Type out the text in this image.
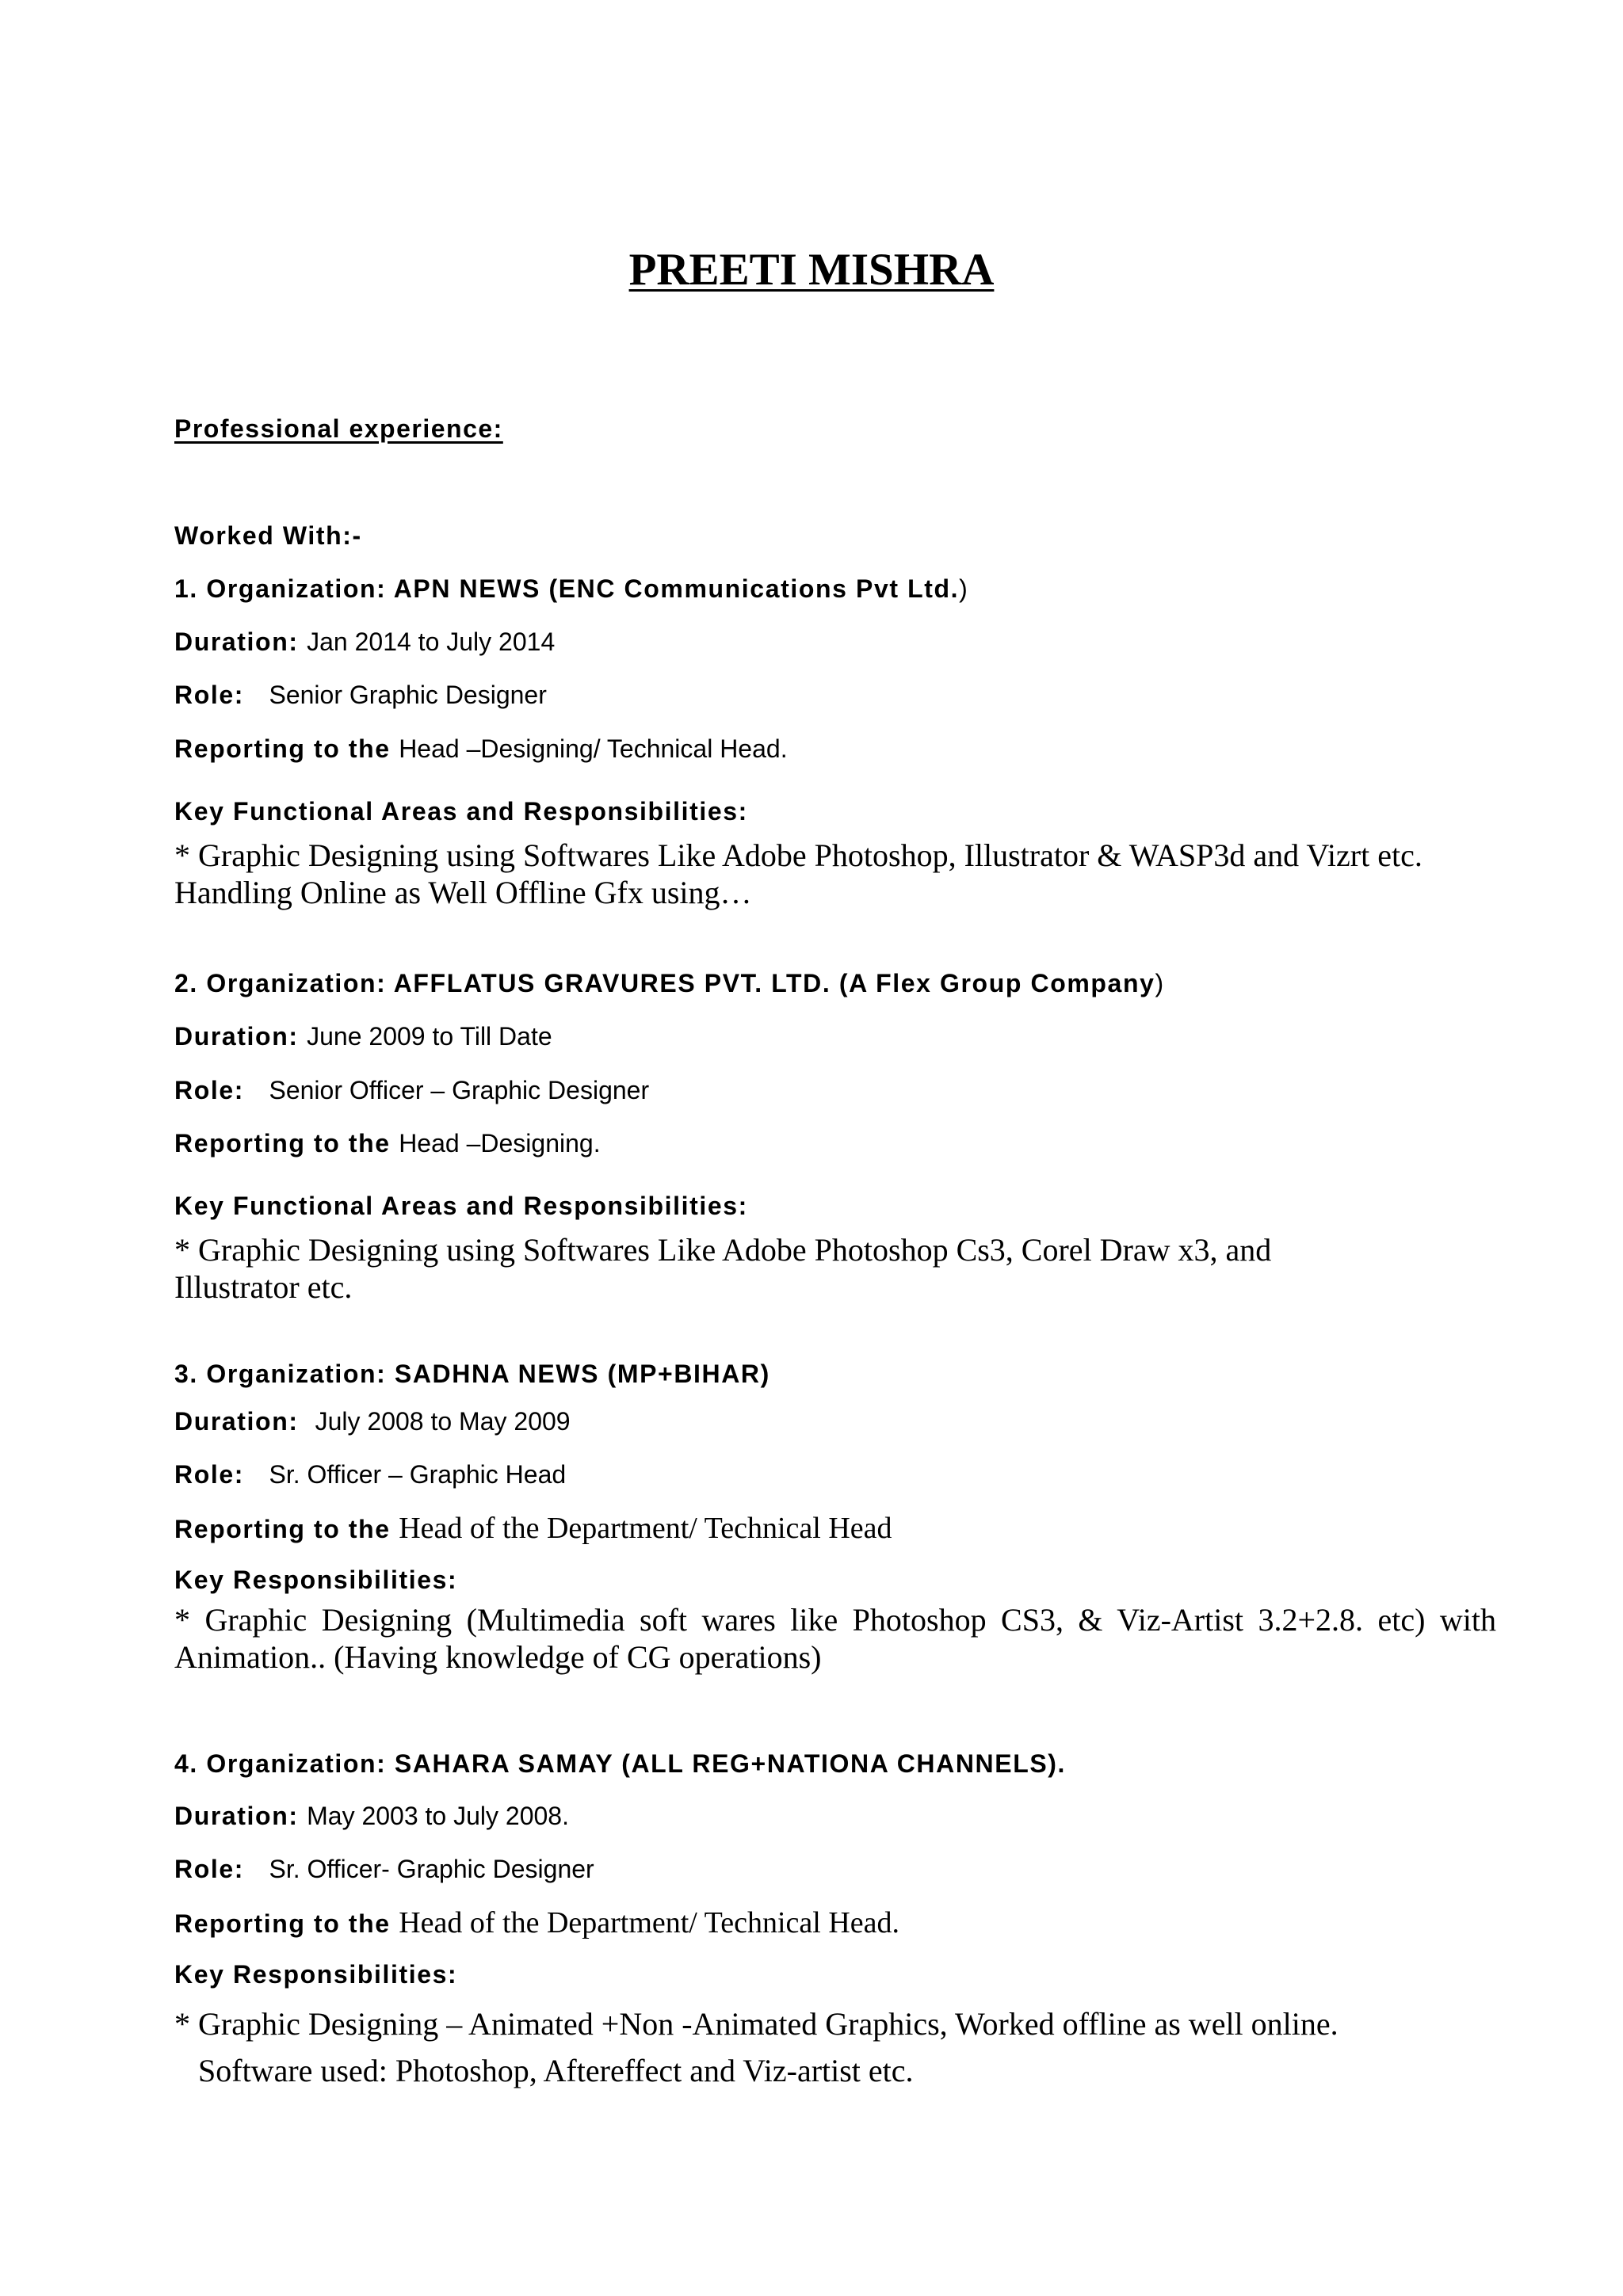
PREETI MISHRA
Professional experience:
Worked With:-
1. Organization: APN NEWS (ENC Communications Pvt Ltd.)
Duration: Jan 2014 to July 2014
Role: Senior Graphic Designer
Reporting to the Head –Designing/ Technical Head.
Key Functional Areas and Responsibilities:
* Graphic Designing using Softwares Like Adobe Photoshop, Illustrator & WASP3d and Vizrt etc.
Handling Online as Well Offline Gfx using…
2. Organization: AFFLATUS GRAVURES PVT. LTD. (A Flex Group Company)
Duration: June 2009 to Till Date
Role: Senior Officer – Graphic Designer
Reporting to the Head –Designing.
Key Functional Areas and Responsibilities:
* Graphic Designing using Softwares Like Adobe Photoshop Cs3, Corel Draw x3, and
Illustrator etc.
3. Organization: SADHNA NEWS (MP+BIHAR)
Duration: July 2008 to May 2009
Role: Sr. Officer – Graphic Head
Reporting to the Head of the Department/ Technical Head
Key Responsibilities:
* Graphic Designing (Multimedia soft wares like Photoshop CS3, & Viz-Artist 3.2+2.8. etc) with
Animation.. (Having knowledge of CG operations)
4. Organization: SAHARA SAMAY (ALL REG+NATIONA CHANNELS).
Duration: May 2003 to July 2008.
Role: Sr. Officer- Graphic Designer
Reporting to the Head of the Department/ Technical Head.
Key Responsibilities:
* Graphic Designing – Animated +Non -Animated Graphics, Worked offline as well online.
Software used: Photoshop, Aftereffect and Viz-artist etc.
